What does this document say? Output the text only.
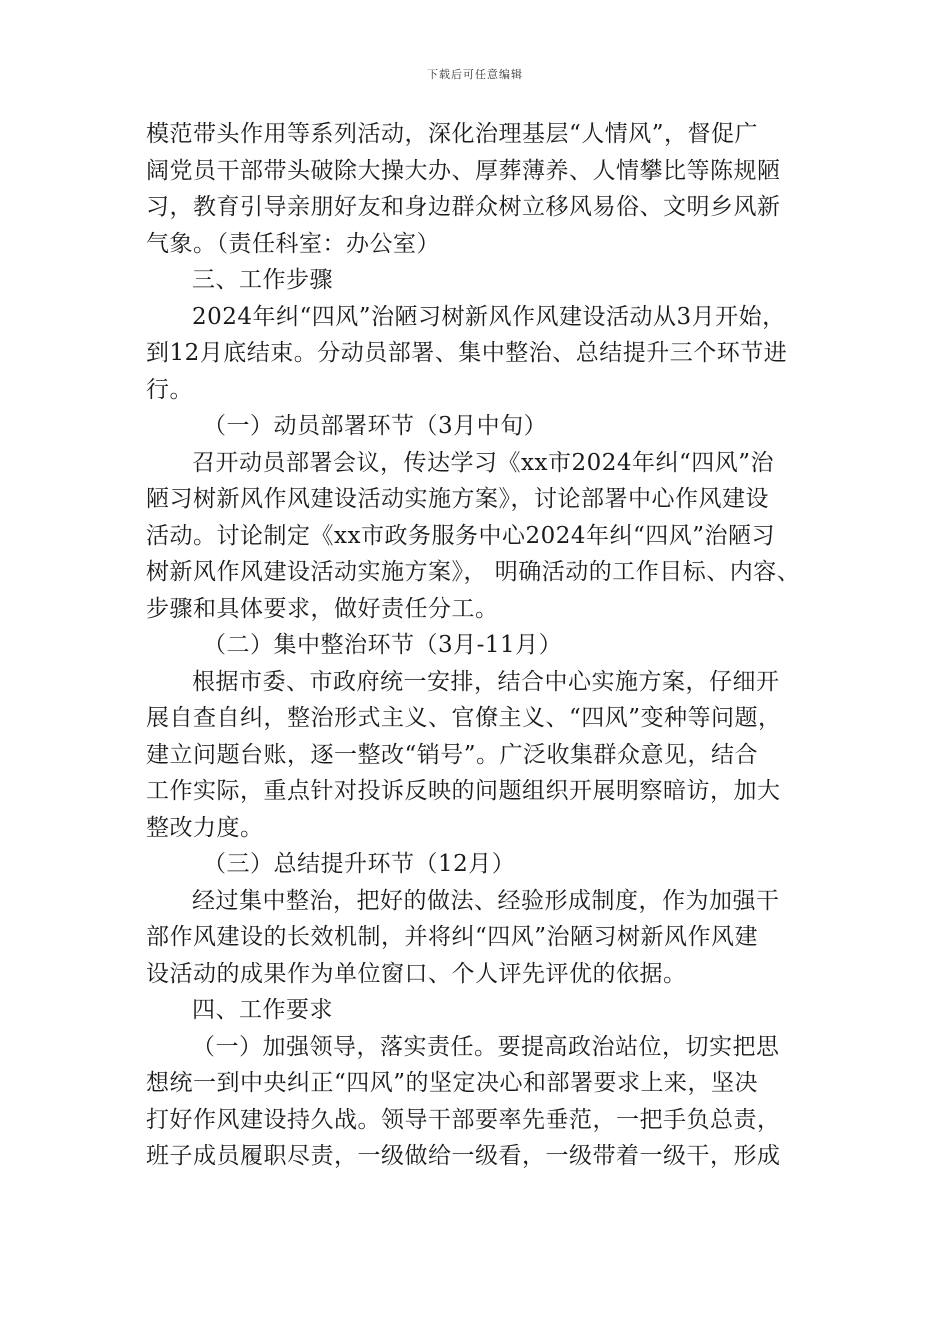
下载后可任意编辑
模范带头作用等系列活动，深化治理基层“人情风”，督促广
阔党员干部带头破除大操大办、厚葬薄养、人情攀比等陈规陋
习，教育引导亲朋好友和身边群众树立移风易俗、文明乡风新
气象。（责任科室：办公室）
三、工作步骤
2024年纠“四风”治陋习树新风作风建设活动从3月开始，
到12月底结束。分动员部署、集中整治、总结提升三个环节进
行。
（一）动员部署环节（3月中旬）
召开动员部署会议，传达学习《xx市2024年纠“四风”治
陋习树新风作风建设活动实施方案》，讨论部署中心作风建设
活动。讨论制定《xx市政务服务中心2024年纠“四风”治陋习
树新风作风建设活动实施方案》， 明确活动的工作目标、内容、
步骤和具体要求，做好责任分工。
（二）集中整治环节（3月-11月）
根据市委、市政府统一安排，结合中心实施方案，仔细开
展自查自纠，整治形式主义、官僚主义、“四风”变种等问题，
建立问题台账，逐一整改“销号”。广泛收集群众意见，结合
工作实际，重点针对投诉反映的问题组织开展明察暗访，加大
整改力度。
（三）总结提升环节（12月）
经过集中整治，把好的做法、经验形成制度，作为加强干
部作风建设的长效机制，并将纠“四风”治陋习树新风作风建
设活动的成果作为单位窗口、个人评先评优的依据。
四、工作要求
（一）加强领导，落实责任。要提高政治站位，切实把思
想统一到中央纠正“四风”的坚定决心和部署要求上来，坚决
打好作风建设持久战。领导干部要率先垂范，一把手负总责，
班子成员履职尽责，一级做给一级看，一级带着一级干，形成
